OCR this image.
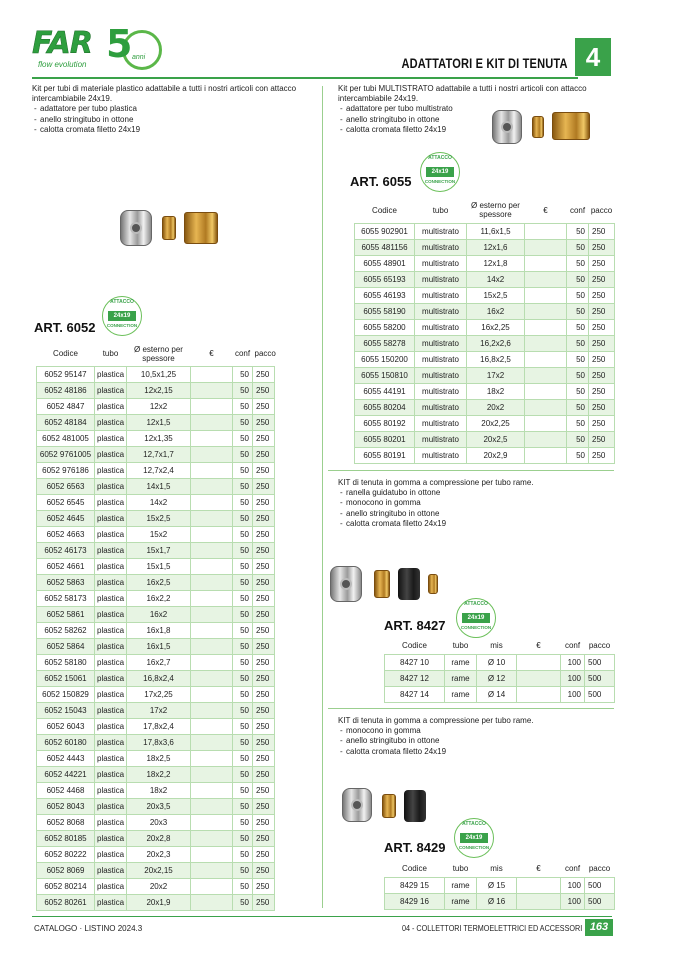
FAR 5
flow evolution
anni	ADATTATORI E KIT DI TENUTA 4
Kit per tubi di materiale plastico adattabile a tutti i nostri articoli con attacco intercambiabile 24x19.
- adattatore per tubo plastica
- anello stringitubo in ottone
- calotta cromata filetto 24x19
ART. 6052
ATTACCO
24x19
CONNECTION
Codice	tubo	Ø esterno per spessore	€	conf	pacco
6052 95147	plastica	10,5x1,25		50	250
6052 48186	plastica	12x2,15		50	250
6052 4847	plastica	12x2		50	250
6052 48184	plastica	12x1,5		50	250
6052 481005	plastica	12x1,35		50	250
6052 9761005	plastica	12,7x1,7		50	250
6052 976186	plastica	12,7x2,4		50	250
6052 6563	plastica	14x1,5		50	250
6052 6545	plastica	14x2		50	250
6052 4645	plastica	15x2,5		50	250
6052 4663	plastica	15x2		50	250
6052 46173	plastica	15x1,7		50	250
6052 4661	plastica	15x1,5		50	250
6052 5863	plastica	16x2,5		50	250
6052 58173	plastica	16x2,2		50	250
6052 5861	plastica	16x2		50	250
6052 58262	plastica	16x1,8		50	250
6052 5864	plastica	16x1,5		50	250
6052 58180	plastica	16x2,7		50	250
6052 15061	plastica	16,8x2,4		50	250
6052 150829	plastica	17x2,25		50	250
6052 15043	plastica	17x2		50	250
6052 6043	plastica	17,8x2,4		50	250
6052 60180	plastica	17,8x3,6		50	250
6052 4443	plastica	18x2,5		50	250
6052 44221	plastica	18x2,2		50	250
6052 4468	plastica	18x2		50	250
6052 8043	plastica	20x3,5		50	250
6052 8068	plastica	20x3		50	250
6052 80185	plastica	20x2,8		50	250
6052 80222	plastica	20x2,3		50	250
6052 8069	plastica	20x2,15		50	250
6052 80214	plastica	20x2		50	250
6052 80261	plastica	20x1,9		50	250
Kit per tubi MULTISTRATO adattabile a tutti i nostri articoli con attacco intercambiabile 24x19.
- adattatore per tubo multistrato
- anello stringitubo in ottone
- calotta cromata filetto 24x19
ART. 6055
ATTACCO
24x19
CONNECTION
Codice	tubo	Ø esterno per spessore	€	conf	pacco
6055 902901	multistrato	11,6x1,5		50	250
6055 481156	multistrato	12x1,6		50	250
6055 48901	multistrato	12x1,8		50	250
6055 65193	multistrato	14x2		50	250
6055 46193	multistrato	15x2,5		50	250
6055 58190	multistrato	16x2		50	250
6055 58200	multistrato	16x2,25		50	250
6055 58278	multistrato	16,2x2,6		50	250
6055 150200	multistrato	16,8x2,5		50	250
6055 150810	multistrato	17x2		50	250
6055 44191	multistrato	18x2		50	250
6055 80204	multistrato	20x2		50	250
6055 80192	multistrato	20x2,25		50	250
6055 80201	multistrato	20x2,5		50	250
6055 80191	multistrato	20x2,9		50	250
KIT di tenuta in gomma a compressione per tubo rame.
- ranella guidatubo in ottone
- monocono in gomma
- anello stringitubo in ottone
- calotta cromata filetto 24x19
ATTACCO
24x19
CONNECTION
ART. 8427
Codice	tubo	mis	€	conf	pacco
8427 10	rame	Ø 10		100	500
8427 12	rame	Ø 12		100	500
8427 14	rame	Ø 14		100	500
KIT di tenuta in gomma a compressione per tubo rame.
- monocono in gomma
- anello stringitubo in ottone
- calotta cromata filetto 24x19
ATTACCO
24x19
CONNECTION
ART. 8429
Codice	tubo	mis	€	conf	pacco
8429 15	rame	Ø 15		100	500
8429 16	rame	Ø 16		100	500
CATALOGO · LISTINO 2024.3	04 - COLLETTORI TERMOELETTRICI ED ACCESSORI 163
